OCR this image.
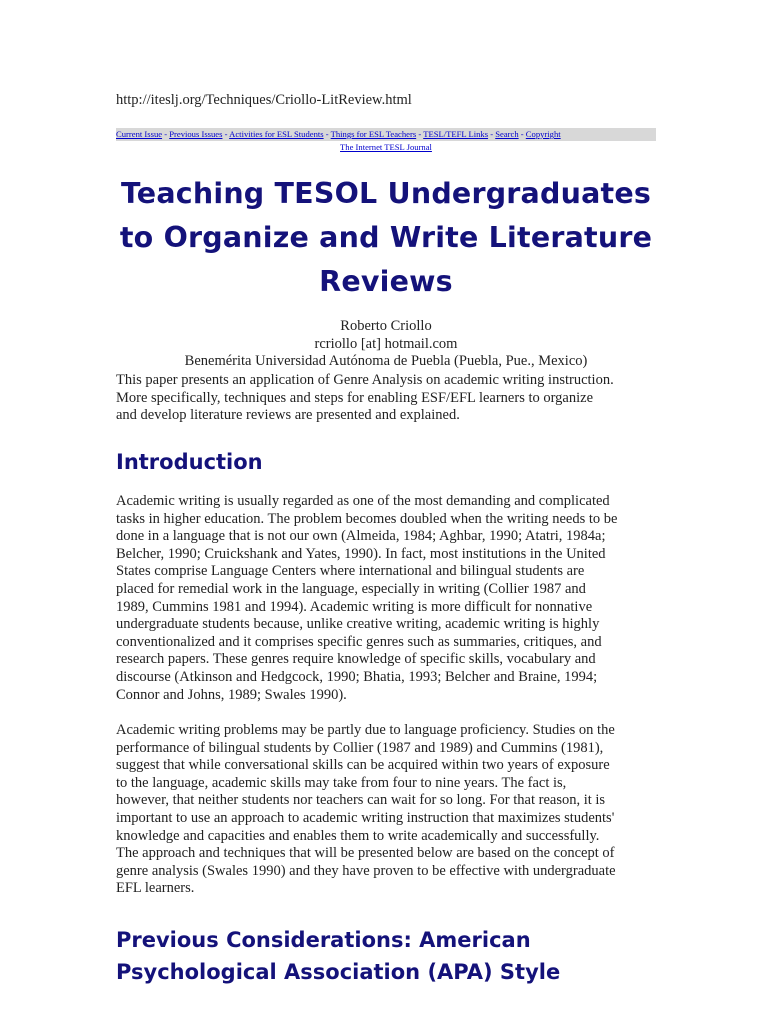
http://iteslj.org/Techniques/Criollo-LitReview.html
Current Issue - Previous Issues - Activities for ESL Students - Things for ESL Teachers - TESL/TEFL Links - Search - Copyright
The Internet TESL Journal
Teaching TESOL Undergraduates
to Organize and Write Literature
Reviews
Roberto Criollo
rcriollo [at] hotmail.com
Benemérita Universidad Autónoma de Puebla (Puebla, Pue., Mexico)
This paper presents an application of Genre Analysis on academic writing instruction.
More specifically, techniques and steps for enabling ESF/EFL learners to organize
and develop literature reviews are presented and explained.
Introduction
Academic writing is usually regarded as one of the most demanding and complicated
tasks in higher education. The problem becomes doubled when the writing needs to be
done in a language that is not our own (Almeida, 1984; Aghbar, 1990; Atatri, 1984a;
Belcher, 1990; Cruickshank and Yates, 1990). In fact, most institutions in the United
States comprise Language Centers where international and bilingual students are
placed for remedial work in the language, especially in writing (Collier 1987 and
1989, Cummins 1981 and 1994). Academic writing is more difficult for nonnative
undergraduate students because, unlike creative writing, academic writing is highly
conventionalized and it comprises specific genres such as summaries, critiques, and
research papers. These genres require knowledge of specific skills, vocabulary and
discourse (Atkinson and Hedgcock, 1990; Bhatia, 1993; Belcher and Braine, 1994;
Connor and Johns, 1989; Swales 1990).
Academic writing problems may be partly due to language proficiency. Studies on the
performance of bilingual students by Collier (1987 and 1989) and Cummins (1981),
suggest that while conversational skills can be acquired within two years of exposure
to the language, academic skills may take from four to nine years. The fact is,
however, that neither students nor teachers can wait for so long. For that reason, it is
important to use an approach to academic writing instruction that maximizes students'
knowledge and capacities and enables them to write academically and successfully.
The approach and techniques that will be presented below are based on the concept of
genre analysis (Swales 1990) and they have proven to be effective with undergraduate
EFL learners.
Previous Considerations: American
Psychological Association (APA) Style
